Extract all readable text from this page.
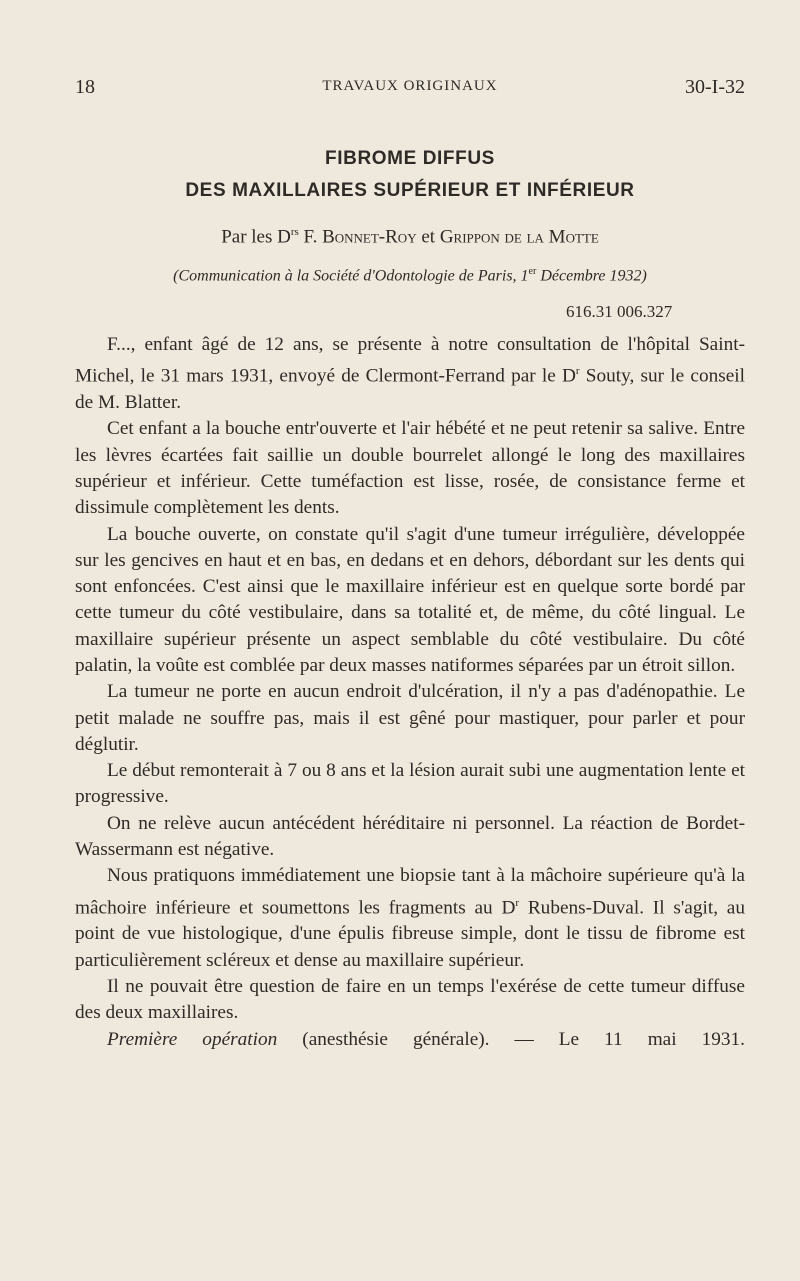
18	TRAVAUX ORIGINAUX	30-I-32
FIBROME DIFFUS
DES MAXILLAIRES SUPÉRIEUR ET INFÉRIEUR
Par les $D^{rs}$ F. Bonnet-Roy et Grippon de la Motte
(Communication à la Société d'Odontologie de Paris, 1er Décembre 1932)
616.31 006.327

F..., enfant âgé de 12 ans, se présente à notre consultation de l'hôpital Saint-Michel, le 31 mars 1931, envoyé de Clermont-Ferrand par le $D^r$ Souty, sur le conseil de M. Blatter.

Cet enfant a la bouche entr'ouverte et l'air hébété et ne peut retenir sa salive. Entre les lèvres écartées fait saillie un double bourrelet allongé le long des maxillaires supérieur et inférieur. Cette tuméfaction est lisse, rosée, de consistance ferme et dissimule complètement les dents.

La bouche ouverte, on constate qu'il s'agit d'une tumeur irrégulière, développée sur les gencives en haut et en bas, en dedans et en dehors, débordant sur les dents qui sont enfoncées. C'est ainsi que le maxillaire inférieur est en quelque sorte bordé par cette tumeur du côté vestibulaire, dans sa totalité et, de même, du côté lingual. Le maxillaire supérieur présente un aspect semblable du côté vestibulaire. Du côté palatin, la voûte est comblée par deux masses natiformes séparées par un étroit sillon.

La tumeur ne porte en aucun endroit d'ulcération, il n'y a pas d'adénopathie. Le petit malade ne souffre pas, mais il est gêné pour mastiquer, pour parler et pour déglutir.

Le début remonterait à 7 ou 8 ans et la lésion aurait subi une augmentation lente et progressive.

On ne relève aucun antécédent héréditaire ni personnel. La réaction de Bordet-Wassermann est négative.

Nous pratiquons immédiatement une biopsie tant à la mâchoire supérieure qu'à la mâchoire inférieure et soumettons les fragments au $D^r$ Rubens-Duval. Il s'agit, au point de vue histologique, d'une épulis fibreuse simple, dont le tissu de fibrome est particulièrement scléreux et dense au maxillaire supérieur.

Il ne pouvait être question de faire en un temps l'exérése de cette tumeur diffuse des deux maxillaires.

Première opération (anesthésie générale). — Le 11 mai 1931.
